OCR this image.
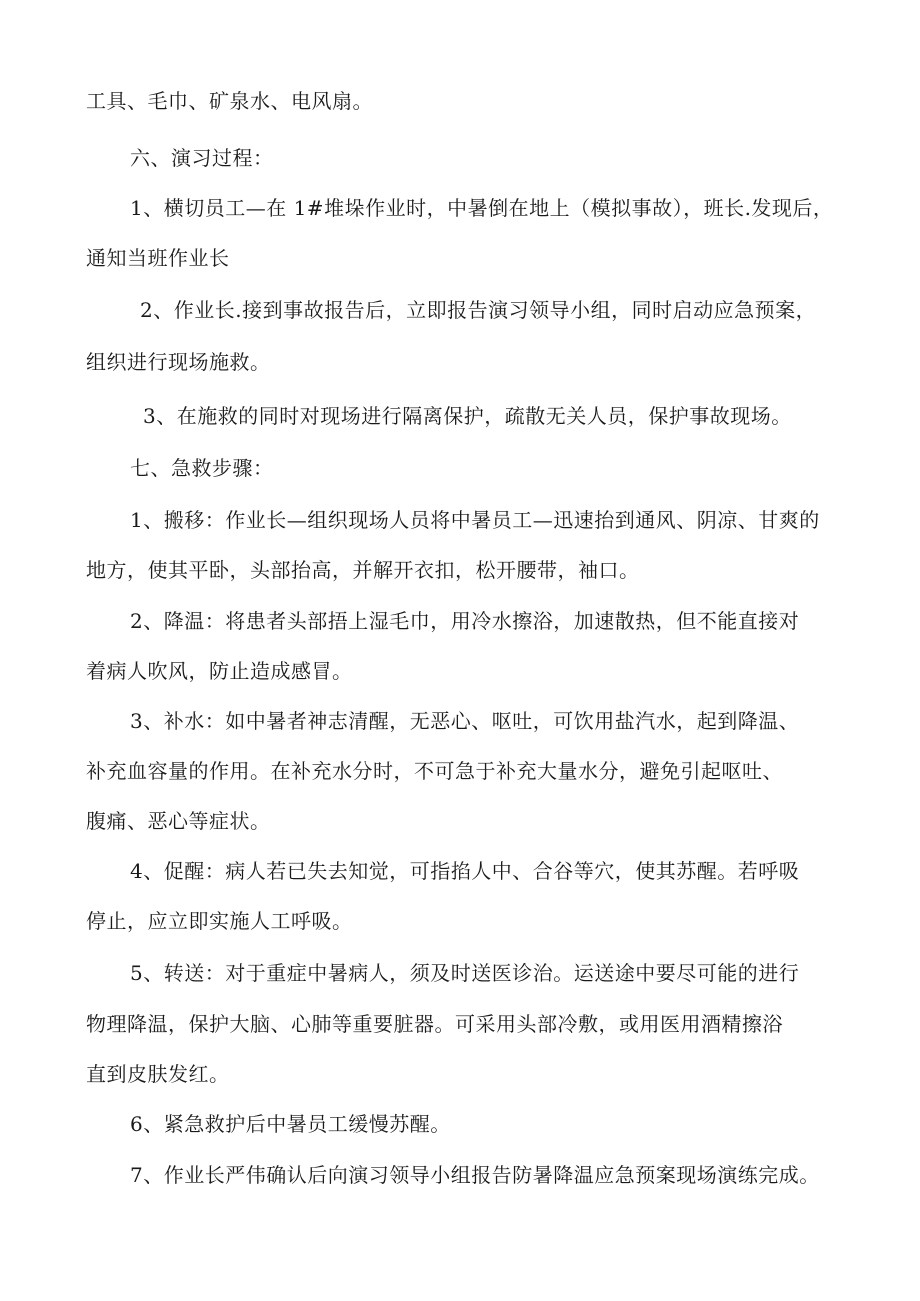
工具、毛巾、矿泉水、电风扇。
六、演习过程：
1、横切员工—在 1#堆垛作业时，中暑倒在地上（模拟事故），班长.发现后，
通知当班作业长
2、作业长.接到事故报告后，立即报告演习领导小组，同时启动应急预案，
组织进行现场施救。
3、在施救的同时对现场进行隔离保护，疏散无关人员，保护事故现场。
七、急救步骤：
1、搬移：作业长—组织现场人员将中暑员工—迅速抬到通风、阴凉、甘爽的
地方，使其平卧，头部抬高，并解开衣扣，松开腰带，袖口。
2、降温：将患者头部捂上湿毛巾，用冷水擦浴，加速散热，但不能直接对
着病人吹风，防止造成感冒。
3、补水：如中暑者神志清醒，无恶心、呕吐，可饮用盐汽水，起到降温、
补充血容量的作用。在补充水分时，不可急于补充大量水分，避免引起呕吐、
腹痛、恶心等症状。
4、促醒：病人若已失去知觉，可指掐人中、合谷等穴，使其苏醒。若呼吸
停止，应立即实施人工呼吸。
5、转送：对于重症中暑病人，须及时送医诊治。运送途中要尽可能的进行
物理降温，保护大脑、心肺等重要脏器。可采用头部冷敷，或用医用酒精擦浴
直到皮肤发红。
6、紧急救护后中暑员工缓慢苏醒。
7、作业长严伟确认后向演习领导小组报告防暑降温应急预案现场演练完成。
